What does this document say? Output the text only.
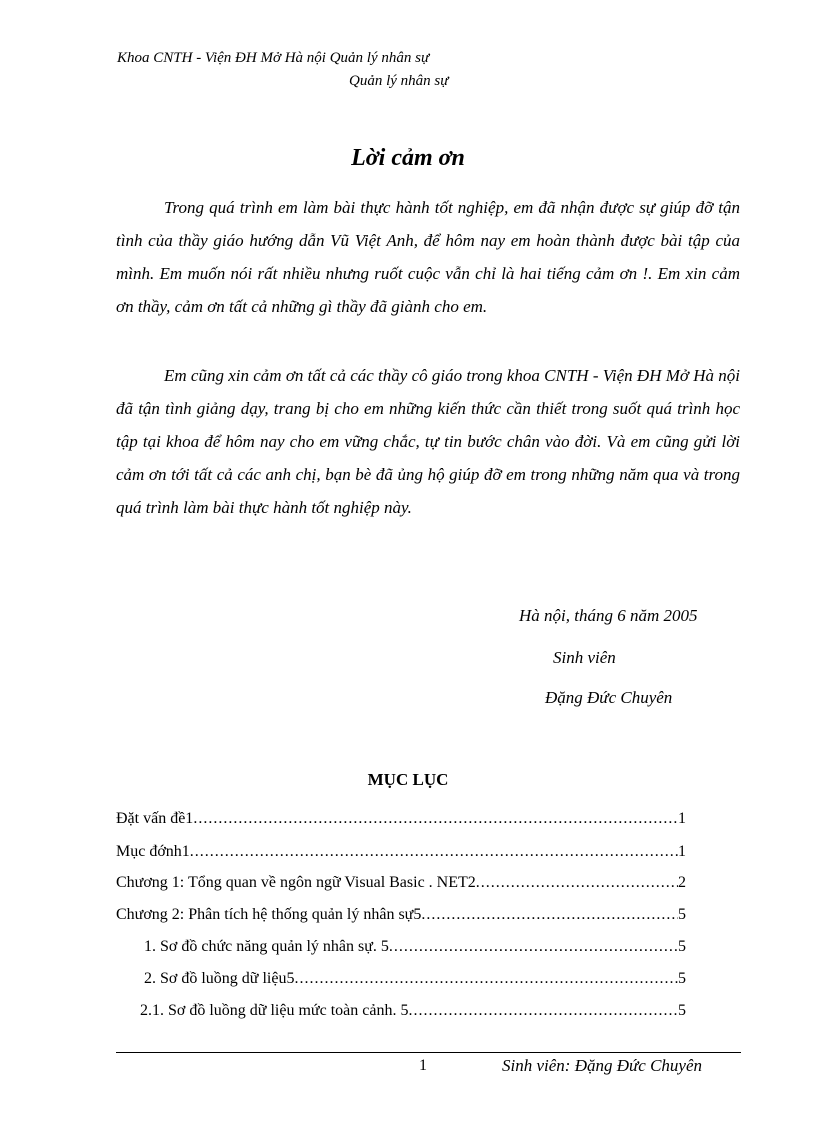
Khoa CNTH - Viện ĐH Mở Hà nội Quản lý nhân sự
Quản lý nhân sự
Lời cảm ơn

Trong quá trình em làm bài thực hành tốt nghiệp, em đã nhận được sự giúp đỡ tận tình của thầy giáo hướng dẫn Vũ Việt Anh, để hôm nay em hoàn thành được bài tập của mình. Em muốn nói rất nhiều nhưng ruốt cuộc vẫn chỉ là hai tiếng cảm ơn !. Em xin cảm ơn thầy, cảm ơn tất cả những gì thầy đã giành cho em.

Em cũng xin cảm ơn tất cả các thầy cô giáo trong khoa CNTH - Viện ĐH Mở Hà nội đã tận tình giảng dạy, trang bị cho em những kiến thức cần thiết trong suốt quá trình học tập tại khoa để hôm nay cho em vững chắc, tự tin bước chân vào đời. Và em cũng gửi lời cảm ơn tới tất cả các anh chị, bạn bè đã ủng hộ giúp đỡ em trong những năm qua và trong quá trình làm bài thực hành tốt nghiệp này.

Hà nội, tháng 6 năm 2005
Sinh viên
Đặng Đức Chuyên
MỤC LỤC
Đặt vấn đề1 .....	1
Mục đớnh1 .....	1
Chương 1: Tổng quan về ngôn ngữ Visual Basic . NET2 .....	2
Chương 2: Phân tích hệ thống quản lý nhân sự5 .....	5
1. Sơ đồ chức năng quản lý nhân sự. 5 .....	5
2. Sơ đồ luồng dữ liệu5 .....	5
2.1. Sơ đồ luồng dữ liệu mức toàn cảnh. 5 .....	5
1	Sinh viên: Đặng Đức Chuyên
